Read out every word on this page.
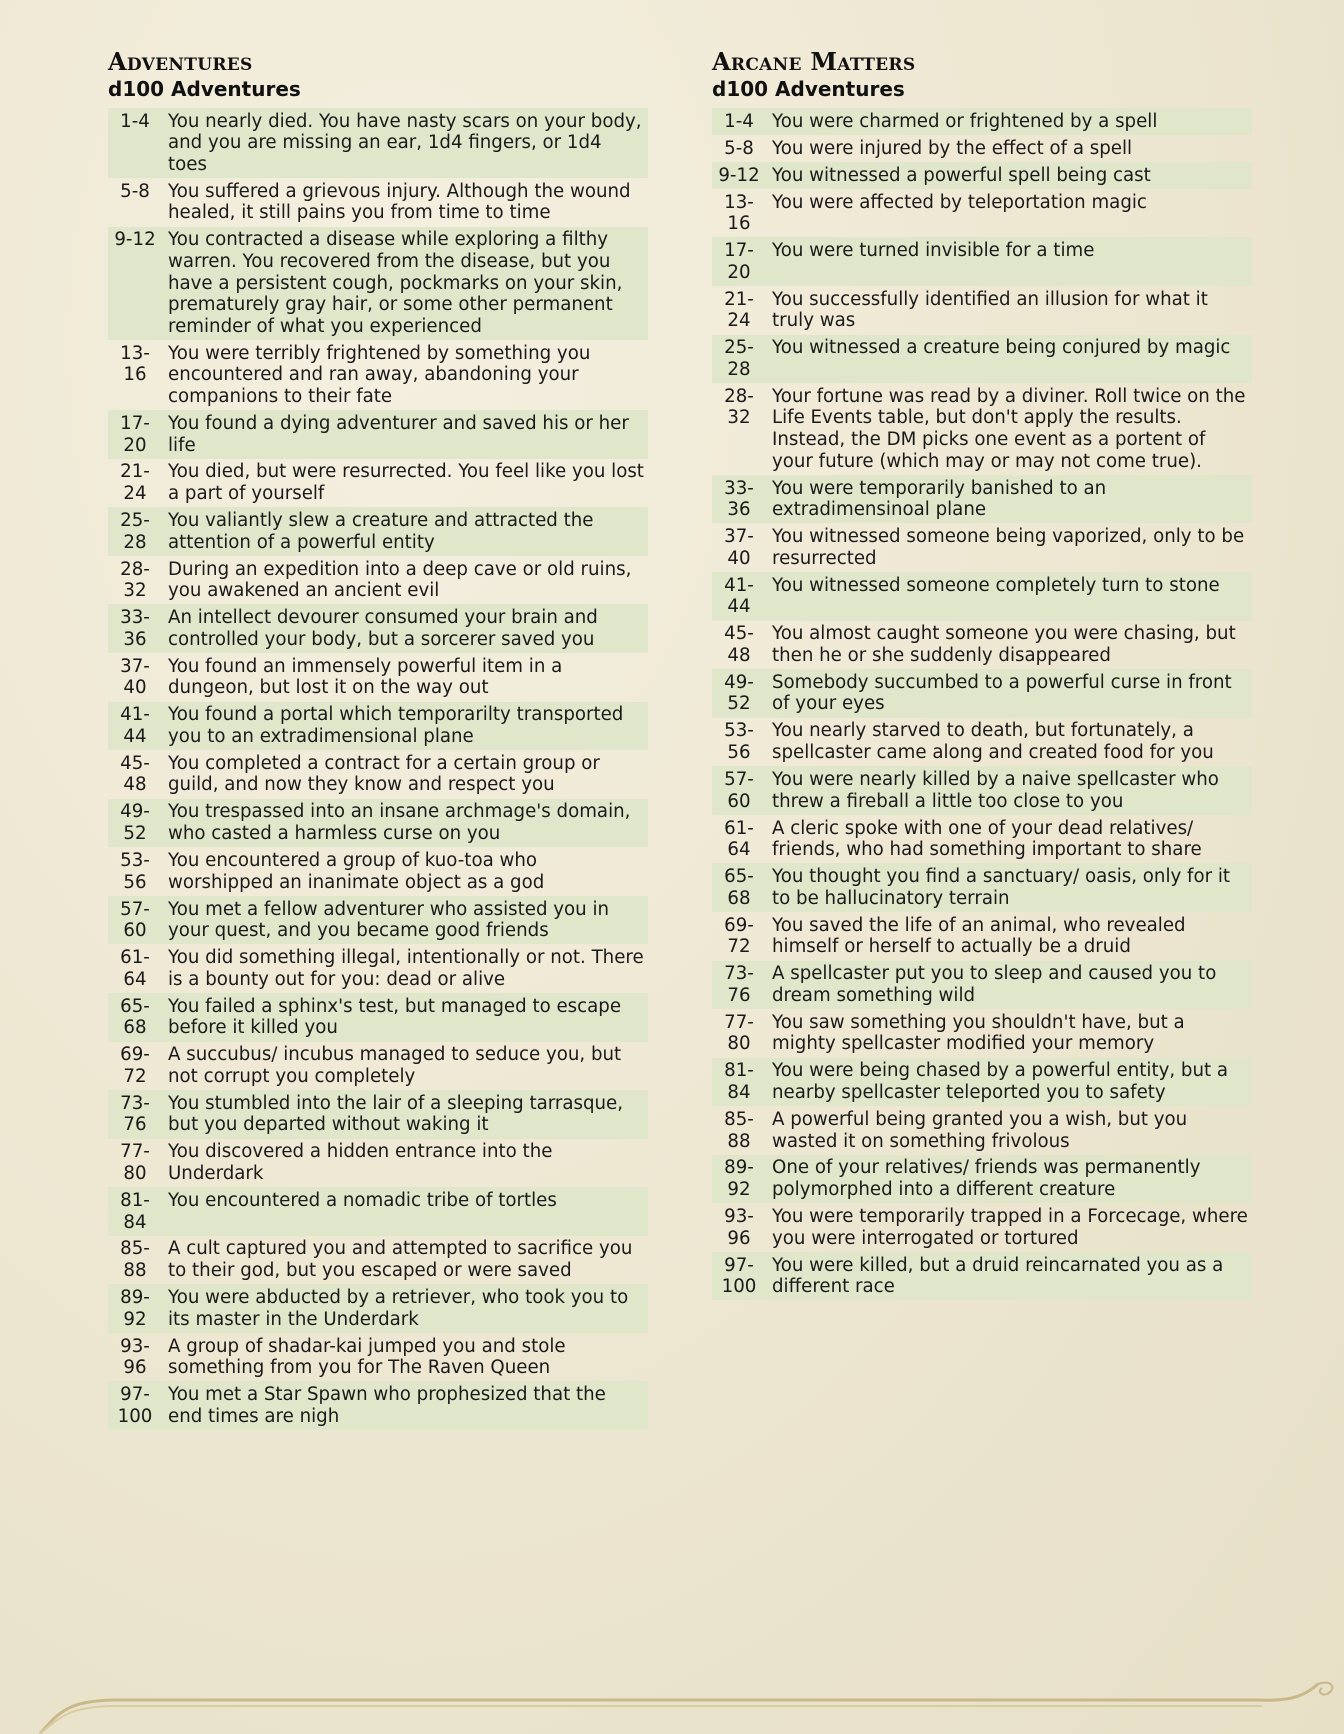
Adventures
d100 Adventures
1-4	You nearly died. You have nasty scars on your body, and you are missing an ear, 1d4 fingers, or 1d4 toes
5-8	You suffered a grievous injury. Although the wound healed, it still pains you from time to time
9-12	You contracted a disease while exploring a filthy warren. You recovered from the disease, but you have a persistent cough, pockmarks on your skin, prematurely gray hair, or some other permanent reminder of what you experienced
13-16	You were terribly frightened by something you encountered and ran away, abandoning your companions to their fate
17-20	You found a dying adventurer and saved his or her life
21-24	You died, but were resurrected. You feel like you lost a part of yourself
25-28	You valiantly slew a creature and attracted the attention of a powerful entity
28-32	During an expedition into a deep cave or old ruins, you awakened an ancient evil
33-36	An intellect devourer consumed your brain and controlled your body, but a sorcerer saved you
37-40	You found an immensely powerful item in a dungeon, but lost it on the way out
41-44	You found a portal which temporarilty transported you to an extradimensional plane
45-48	You completed a contract for a certain group or guild, and now they know and respect you
49-52	You trespassed into an insane archmage's domain, who casted a harmless curse on you
53-56	You encountered a group of kuo-toa who worshipped an inanimate object as a god
57-60	You met a fellow adventurer who assisted you in your quest, and you became good friends
61-64	You did something illegal, intentionally or not. There is a bounty out for you: dead or alive
65-68	You failed a sphinx's test, but managed to escape before it killed you
69-72	A succubus/ incubus managed to seduce you, but not corrupt you completely
73-76	You stumbled into the lair of a sleeping tarrasque, but you departed without waking it
77-80	You discovered a hidden entrance into the Underdark
81-84	You encountered a nomadic tribe of tortles
85-88	A cult captured you and attempted to sacrifice you to their god, but you escaped or were saved
89-92	You were abducted by a retriever, who took you to its master in the Underdark
93-96	A group of shadar-kai jumped you and stole something from you for The Raven Queen
97-100	You met a Star Spawn who prophesized that the end times are nigh
Arcane Matters
d100 Adventures
1-4	You were charmed or frightened by a spell
5-8	You were injured by the effect of a spell
9-12	You witnessed a powerful spell being cast
13-16	You were affected by teleportation magic
17-20	You were turned invisible for a time
21-24	You successfully identified an illusion for what it truly was
25-28	You witnessed a creature being conjured by magic
28-32	Your fortune was read by a diviner. Roll twice on the Life Events table, but don't apply the results. Instead, the DM picks one event as a portent of your future (which may or may not come true).
33-36	You were temporarily banished to an extradimensinoal plane
37-40	You witnessed someone being vaporized, only to be resurrected
41-44	You witnessed someone completely turn to stone
45-48	You almost caught someone you were chasing, but then he or she suddenly disappeared
49-52	Somebody succumbed to a powerful curse in front of your eyes
53-56	You nearly starved to death, but fortunately, a spellcaster came along and created food for you
57-60	You were nearly killed by a naive spellcaster who threw a fireball a little too close to you
61-64	A cleric spoke with one of your dead relatives/ friends, who had something important to share
65-68	You thought you find a sanctuary/ oasis, only for it to be hallucinatory terrain
69-72	You saved the life of an animal, who revealed himself or herself to actually be a druid
73-76	A spellcaster put you to sleep and caused you to dream something wild
77-80	You saw something you shouldn't have, but a mighty spellcaster modified your memory
81-84	You were being chased by a powerful entity, but a nearby spellcaster teleported you to safety
85-88	A powerful being granted you a wish, but you wasted it on something frivolous
89-92	One of your relatives/ friends was permanently polymorphed into a different creature
93-96	You were temporarily trapped in a Forcecage, where you were interrogated or tortured
97-100	You were killed, but a druid reincarnated you as a different race
